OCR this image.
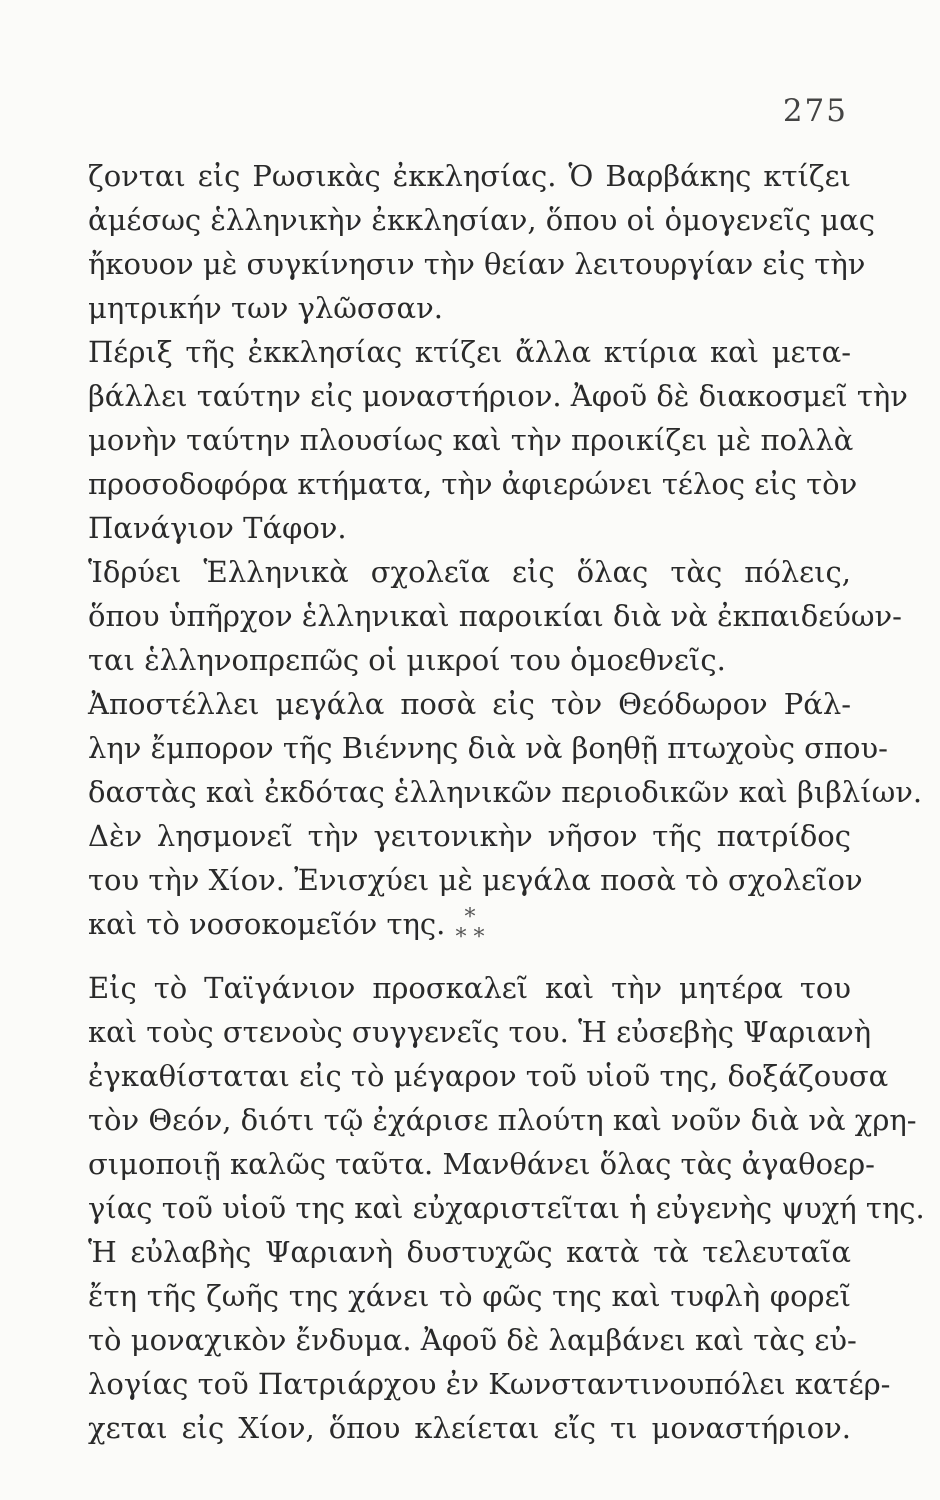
275
ζονται εἰς Ρωσικὰς ἐκκλησίας. Ὁ Βαρβάκης κτίζει
ἀμέσως ἑλληνικὴν ἐκκλησίαν, ὅπου οἱ ὁμογενεῖς μας
ἤκουον μὲ συγκίνησιν τὴν θείαν λειτουργίαν εἰς τὴν
μητρικήν των γλῶσσαν.
Πέριξ τῆς ἐκκλησίας κτίζει ἄλλα κτίρια καὶ μετα-
βάλλει ταύτην εἰς μοναστήριον. Ἀφοῦ δὲ διακοσμεῖ τὴν
μονὴν ταύτην πλουσίως καὶ τὴν προικίζει μὲ πολλὰ
προσοδοφόρα κτήματα, τὴν ἀφιερώνει τέλος εἰς τὸν
Πανάγιον Τάφον.
Ἱδρύει Ἑλληνικὰ σχολεῖα εἰς ὅλας τὰς πόλεις,
ὅπου ὑπῆρχον ἑλληνικαὶ παροικίαι διὰ νὰ ἐκπαιδεύων-
ται ἑλληνοπρεπῶς οἱ μικροί του ὁμοεθνεῖς.
Ἀποστέλλει μεγάλα ποσὰ εἰς τὸν Θεόδωρον Ράλ-
λην ἔμπορον τῆς Βιέννης διὰ νὰ βοηθῇ πτωχοὺς σπου-
δαστὰς καὶ ἐκδότας ἑλληνικῶν περιοδικῶν καὶ βιβλίων.
Δὲν λησμονεῖ τὴν γειτονικὴν νῆσον τῆς πατρίδος
του τὴν Χίον. Ἐνισχύει μὲ μεγάλα ποσὰ τὸ σχολεῖον
καὶ τὸ νοσοκομεῖόν της. *
* *
Εἰς τὸ Ταϊγάνιον προσκαλεῖ καὶ τὴν μητέρα του
καὶ τοὺς στενοὺς συγγενεῖς του. Ἡ εὐσεβὴς Ψαριανὴ
ἐγκαθίσταται εἰς τὸ μέγαρον τοῦ υἱοῦ της, δοξάζουσα
τὸν Θεόν, διότι τῷ ἐχάρισε πλούτη καὶ νοῦν διὰ νὰ χρη-
σιμοποιῇ καλῶς ταῦτα. Μανθάνει ὅλας τὰς ἀγαθοερ-
γίας τοῦ υἱοῦ της καὶ εὐχαριστεῖται ἡ εὐγενὴς ψυχή της.
Ἡ εὐλαβὴς Ψαριανὴ δυστυχῶς κατὰ τὰ τελευταῖα
ἔτη τῆς ζωῆς της χάνει τὸ φῶς της καὶ τυφλὴ φορεῖ
τὸ μοναχικὸν ἔνδυμα. Ἀφοῦ δὲ λαμβάνει καὶ τὰς εὐ-
λογίας τοῦ Πατριάρχου ἐν Κωνσταντινουπόλει κατέρ-
χεται εἰς Χίον, ὅπου κλείεται εἴς τι μοναστήριον.
